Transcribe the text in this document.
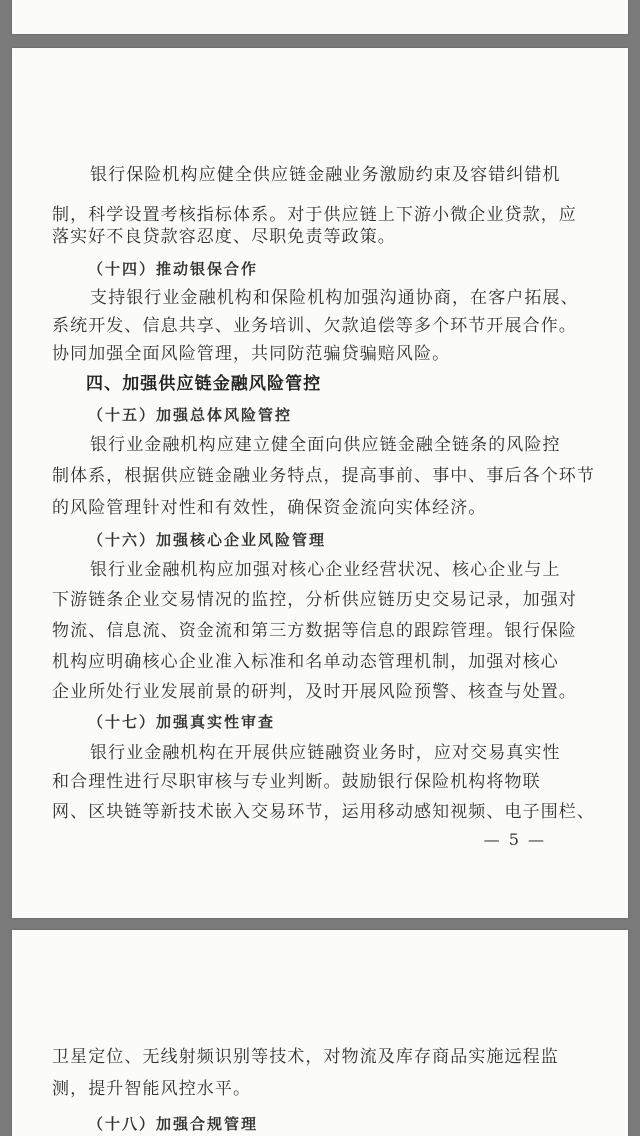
银行保险机构应健全供应链金融业务激励约束及容错纠错机
制，科学设置考核指标体系。对于供应链上下游小微企业贷款，应
落实好不良贷款容忍度、尽职免责等政策。
（十四）推动银保合作
支持银行业金融机构和保险机构加强沟通协商，在客户拓展、
系统开发、信息共享、业务培训、欠款追偿等多个环节开展合作。
协同加强全面风险管理，共同防范骗贷骗赔风险。
四、加强供应链金融风险管控
（十五）加强总体风险管控
银行业金融机构应建立健全面向供应链金融全链条的风险控
制体系，根据供应链金融业务特点，提高事前、事中、事后各个环节
的风险管理针对性和有效性，确保资金流向实体经济。
（十六）加强核心企业风险管理
银行业金融机构应加强对核心企业经营状况、核心企业与上
下游链条企业交易情况的监控，分析供应链历史交易记录，加强对
物流、信息流、资金流和第三方数据等信息的跟踪管理。银行保险
机构应明确核心企业准入标准和名单动态管理机制，加强对核心
企业所处行业发展前景的研判，及时开展风险预警、核查与处置。
（十七）加强真实性审查
银行业金融机构在开展供应链融资业务时，应对交易真实性
和合理性进行尽职审核与专业判断。鼓励银行保险机构将物联
网、区块链等新技术嵌入交易环节，运用移动感知视频、电子围栏、
— 5 —
卫星定位、无线射频识别等技术，对物流及库存商品实施远程监
测，提升智能风控水平。
（十八）加强合规管理
